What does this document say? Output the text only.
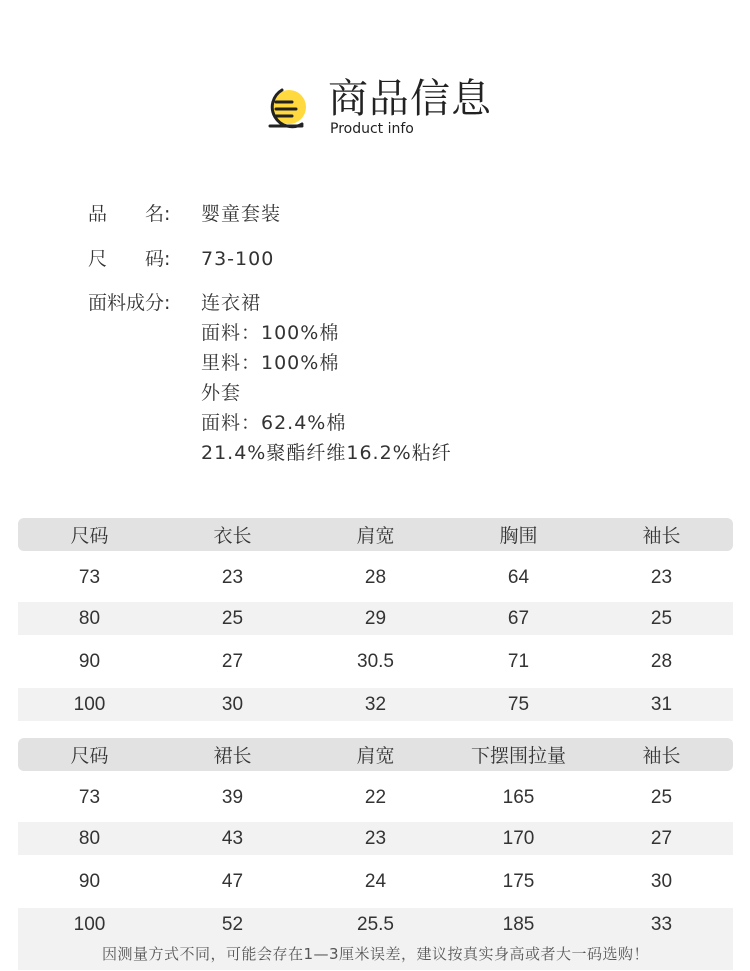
商品信息
Product info
品　　名:	婴童套装
尺　　码:	73-100
面料成分:	连衣裙
面料：100%棉
里料：100%棉
外套
面料：62.4%棉
21.4%聚酯纤维16.2%粘纤
尺码	衣长	肩宽	胸围	袖长
73	23	28	64	23
80	25	29	67	25
90	27	30.5	71	28
100	30	32	75	31
尺码	裙长	肩宽	下摆围拉量	袖长
73	39	22	165	25
80	43	23	170	27
90	47	24	175	30
100	52	25.5	185	33
因测量方式不同，可能会存在1—3厘米误差，建议按真实身高或者大一码选购！
